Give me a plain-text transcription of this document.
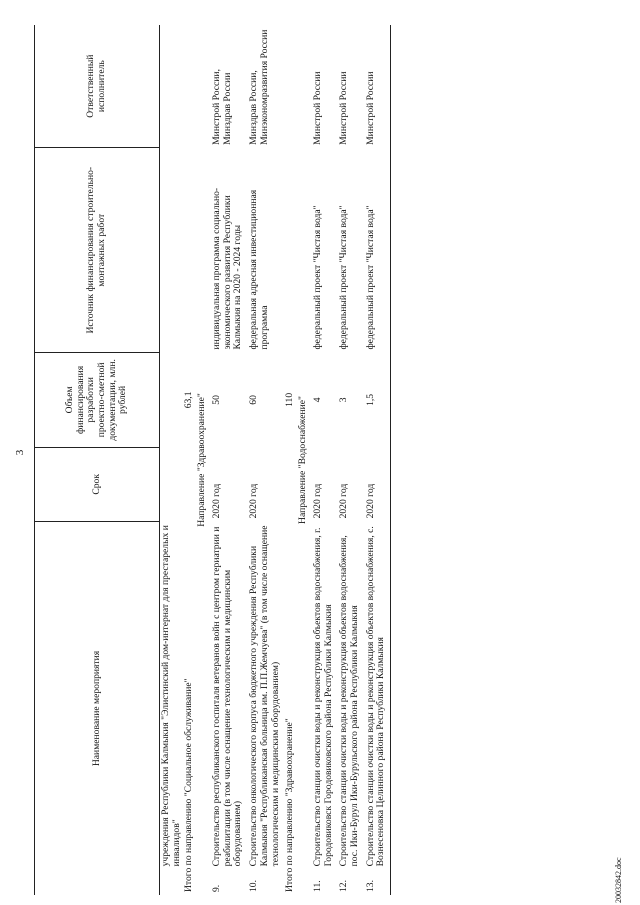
3
Наименование мероприятия		Срок	Объем финансирования разработки проектно-сметной документации, млн. рублей	Источник финансирования строительно-монтажных работ	Ответственный исполнитель
	учреждения Республики Калмыкия "Элистинский дом-интернат для престарелых и инвалидов"				
Итого по направлению "Социальное обслуживание"			63,1		
Направление "Здравоохранение"					
9.	Строительство республиканского госпиталя ветеранов войн с центром гериатрии и реабилитации (в том числе оснащение технологическим и медицинским оборудованием)	2020 год	50	индивидуальная программа социально-экономического развития Республики Калмыкия на 2020 - 2024 годы	Минстрой России, Минздрав России
10.	Строительство онкологического корпуса бюджетного учреждения Республики Калмыкия "Республиканская больница им. П.П.Жемчуева" (в том числе оснащение технологическим и медицинским оборудованием)	2020 год	60	федеральная адресная инвестиционная программа	Минздрав России, Минэкономразвития России
Итого по направлению "Здравоохранение"			110		
Направление "Водоснабжение"					
11.	Строительство станции очистки воды и реконструкция объектов водоснабжения, г. Городовиковск Городовиковского района Республики Калмыкия	2020 год	4	федеральный проект "Чистая вода"	Минстрой России
12.	Строительство станции очистки воды и реконструкция объектов водоснабжения, пос. Ики-Бурул Ики-Бурульского района Республики Калмыкия	2020 год	3	федеральный проект "Чистая вода"	Минстрой России
13.	Строительство станции очистки воды и реконструкция объектов водоснабжения, с. Вознесеновка Целинного района Республики Калмыкия	2020 год	1,5	федеральный проект "Чистая вода"	Минстрой России
20032842.doc
